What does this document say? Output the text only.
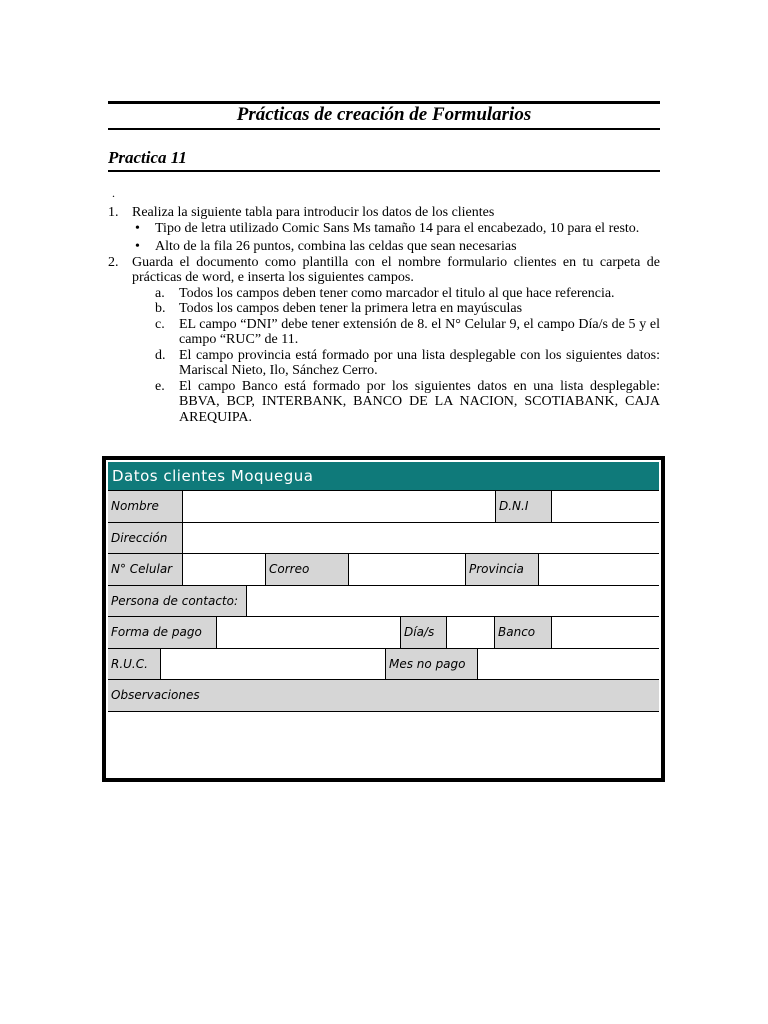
Prácticas de creación de Formularios
Practica 11
.
1. Realiza la siguiente tabla para introducir los datos de los clientes
• Tipo de letra utilizado Comic Sans Ms tamaño 14 para el encabezado, 10 para el resto.
• Alto de la fila 26 puntos, combina las celdas que sean necesarias
2. Guarda el documento como plantilla con el nombre formulario clientes en tu carpeta de prácticas de word, e inserta los siguientes campos.
a. Todos los campos deben tener como marcador el titulo al que hace referencia.
b. Todos los campos deben tener la primera letra en mayúsculas
c. EL campo “DNI” debe tener extensión de 8. el N° Celular 9, el campo Día/s de 5 y el campo “RUC” de 11.
d. El campo provincia está formado por una lista desplegable con los siguientes datos: Mariscal Nieto, Ilo, Sánchez Cerro.
e. El campo Banco está formado por los siguientes datos en una lista desplegable: BBVA, BCP, INTERBANK, BANCO DE LA NACION, SCOTIABANK, CAJA AREQUIPA.
Datos clientes Moquegua
Nombre	D.N.I
Dirección
N° Celular	Correo	Provincia
Persona de contacto:
Forma de pago	Día/s	Banco
R.U.C.	Mes no pago
Observaciones
